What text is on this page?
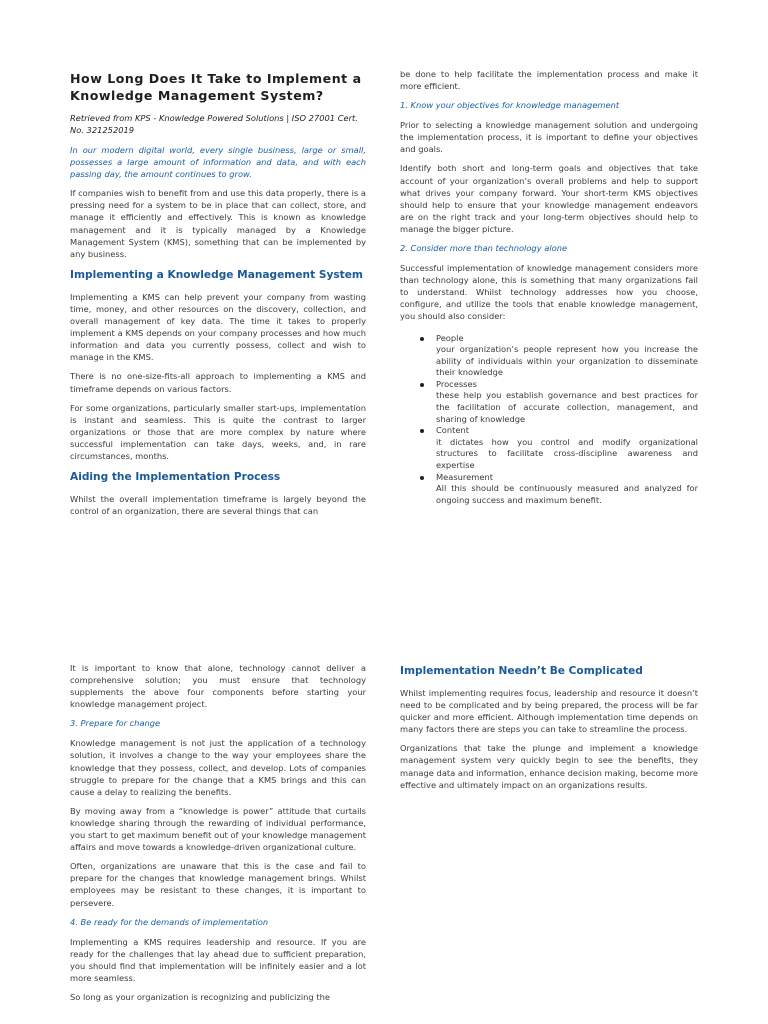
How Long Does It Take to Implement a Knowledge Management System?

Retrieved from KPS - Knowledge Powered Solutions | ISO 27001 Cert. No. 321252019

In our modern digital world, every single business, large or small, possesses a large amount of information and data, and with each passing day, the amount continues to grow.

If companies wish to benefit from and use this data properly, there is a pressing need for a system to be in place that can collect, store, and manage it efficiently and effectively. This is known as knowledge management and it is typically managed by a Knowledge Management System (KMS), something that can be implemented by any business.

Implementing a Knowledge Management System

Implementing a KMS can help prevent your company from wasting time, money, and other resources on the discovery, collection, and overall management of key data. The time it takes to properly implement a KMS depends on your company processes and how much information and data you currently possess, collect and wish to manage in the KMS.

There is no one-size-fits-all approach to implementing a KMS and timeframe depends on various factors.

For some organizations, particularly smaller start-ups, implementation is instant and seamless. This is quite the contrast to larger organizations or those that are more complex by nature where successful implementation can take days, weeks, and, in rare circumstances, months.

Aiding the Implementation Process

Whilst the overall implementation timeframe is largely beyond the control of an organization, there are several things that can

be done to help facilitate the implementation process and make it more efficient.

1. Know your objectives for knowledge management

Prior to selecting a knowledge management solution and undergoing the implementation process, it is important to define your objectives and goals.

Identify both short and long-term goals and objectives that take account of your organization’s overall problems and help to support what drives your company forward. Your short-term KMS objectives should help to ensure that your knowledge management endeavors are on the right track and your long-term objectives should help to manage the bigger picture.

2. Consider more than technology alone

Successful implementation of knowledge management considers more than technology alone, this is something that many organizations fail to understand. Whilst technology addresses how you choose, configure, and utilize the tools that enable knowledge management, you should also consider:

People
your organization’s people represent how you increase the ability of individuals within your organization to disseminate their knowledge
Processes
these help you establish governance and best practices for the facilitation of accurate collection, management, and sharing of knowledge
Content
it dictates how you control and modify organizational structures to facilitate cross-discipline awareness and expertise
Measurement
All this should be continuously measured and analyzed for ongoing success and maximum benefit.

It is important to know that alone, technology cannot deliver a comprehensive solution; you must ensure that technology supplements the above four components before starting your knowledge management project.

3. Prepare for change

Knowledge management is not just the application of a technology solution, it involves a change to the way your employees share the knowledge that they possess, collect, and develop. Lots of companies struggle to prepare for the change that a KMS brings and this can cause a delay to realizing the benefits.

By moving away from a “knowledge is power” attitude that curtails knowledge sharing through the rewarding of individual performance, you start to get maximum benefit out of your knowledge management affairs and move towards a knowledge-driven organizational culture.

Often, organizations are unaware that this is the case and fail to prepare for the changes that knowledge management brings. Whilst employees may be resistant to these changes, it is important to persevere.

4. Be ready for the demands of implementation

Implementing a KMS requires leadership and resource. If you are ready for the challenges that lay ahead due to sufficient preparation, you should find that implementation will be infinitely easier and a lot more seamless.

So long as your organization is recognizing and publicizing the

Implementation Needn’t Be Complicated

Whilst implementing requires focus, leadership and resource it doesn’t need to be complicated and by being prepared, the process will be far quicker and more efficient. Although implementation time depends on many factors there are steps you can take to streamline the process.

Organizations that take the plunge and implement a knowledge management system very quickly begin to see the benefits, they manage data and information, enhance decision making, become more effective and ultimately impact on an organizations results.
